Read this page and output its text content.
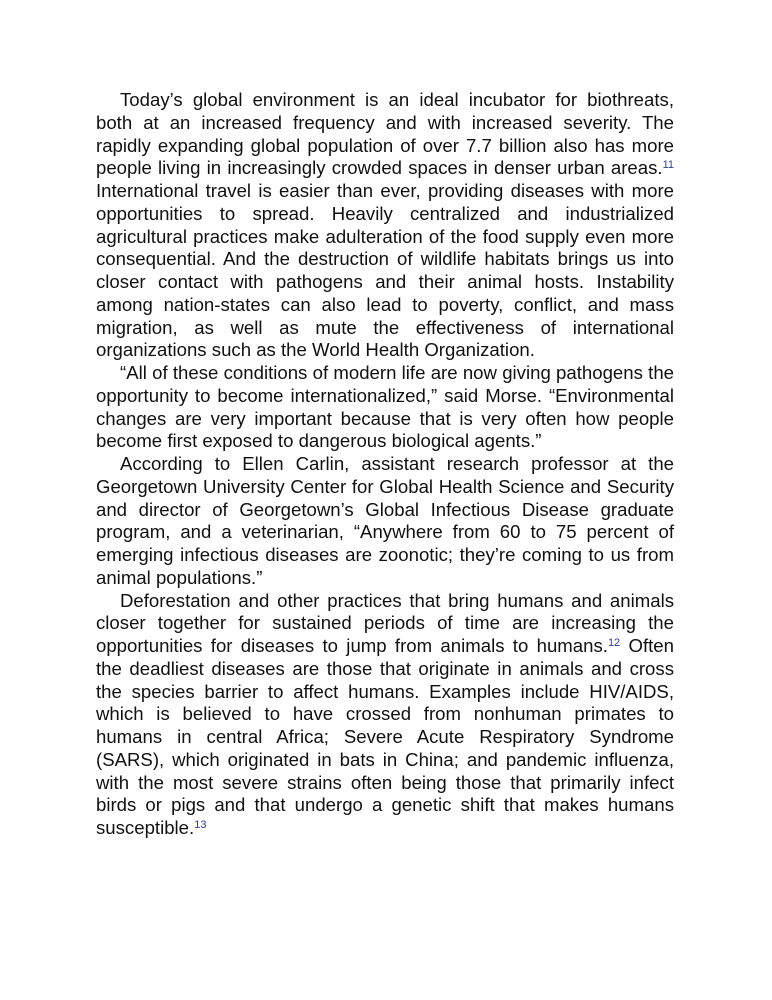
Today’s global environment is an ideal incubator for biothreats, both at an increased frequency and with increased severity. The rapidly expanding global population of over 7.7 billion also has more people living in increasingly crowded spaces in denser urban areas.$^{11}$ International travel is easier than ever, providing diseases with more opportunities to spread. Heavily centralized and industrialized agricultural practices make adulteration of the food supply even more consequential. And the destruction of wildlife habitats brings us into closer contact with pathogens and their animal hosts. Instability among nation-states can also lead to poverty, conflict, and mass migration, as well as mute the effectiveness of international organizations such as the World Health Organization.

“All of these conditions of modern life are now giving pathogens the opportunity to become internationalized,” said Morse. “Environmental changes are very important because that is very often how people become first exposed to dangerous biological agents.”

According to Ellen Carlin, assistant research professor at the Georgetown University Center for Global Health Science and Security and director of Georgetown’s Global Infectious Disease graduate program, and a veterinarian, “Anywhere from 60 to 75 percent of emerging infectious diseases are zoonotic; they’re coming to us from animal populations.”

Deforestation and other practices that bring humans and animals closer together for sustained periods of time are increasing the opportunities for diseases to jump from animals to humans.$^{12}$ Often the deadliest diseases are those that originate in animals and cross the species barrier to affect humans. Examples include HIV/AIDS, which is believed to have crossed from nonhuman primates to humans in central Africa; Severe Acute Respiratory Syndrome (SARS), which originated in bats in China; and pandemic influenza, with the most severe strains often being those that primarily infect birds or pigs and that undergo a genetic shift that makes humans susceptible.$^{13}$
